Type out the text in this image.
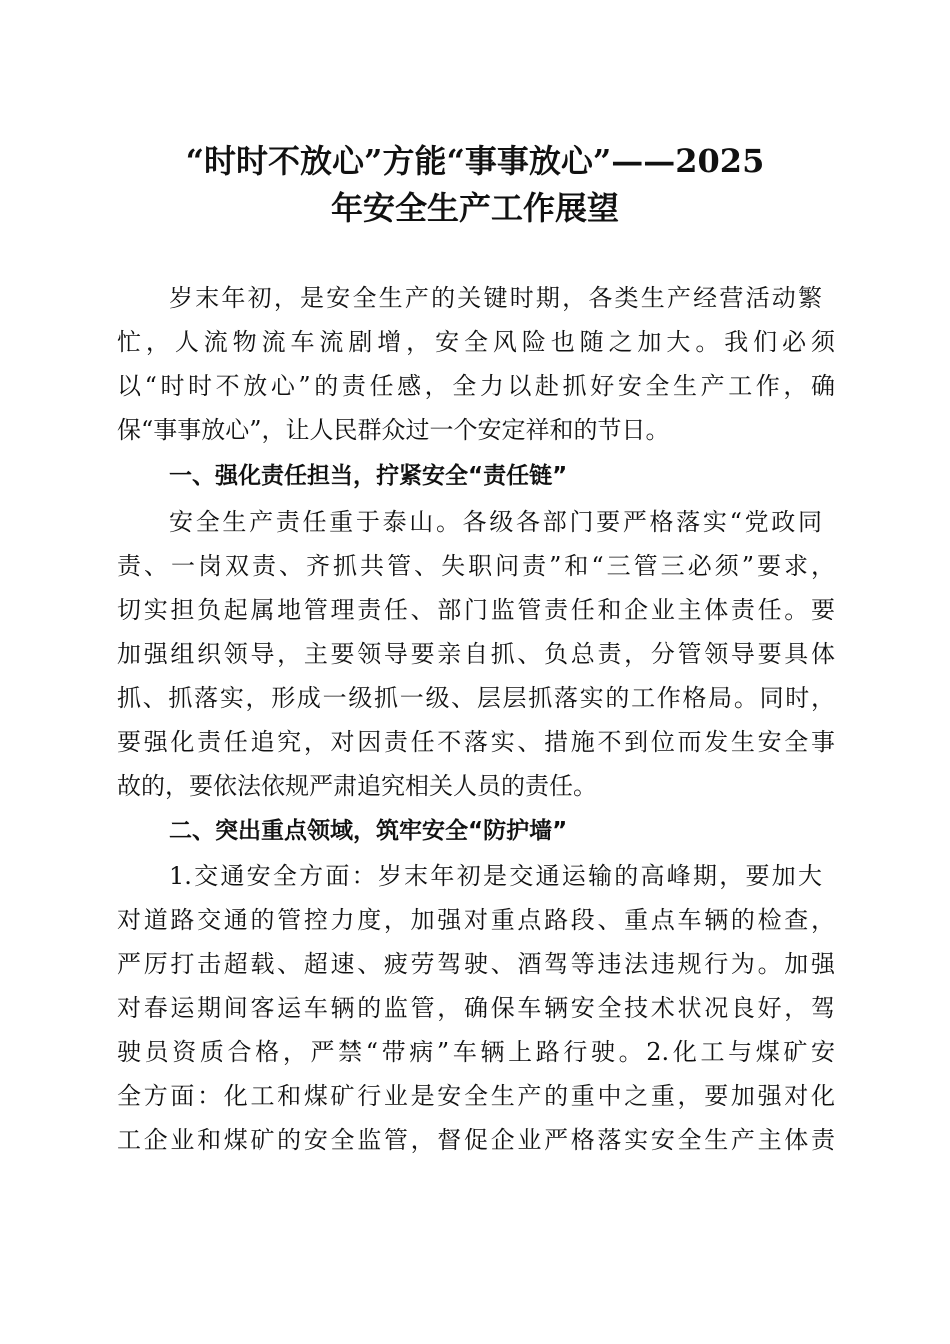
“时时不放心”方能“事事放心”——2025
年安全生产工作展望
岁末年初，是安全生产的关键时期，各类生产经营活动繁
忙，人流物流车流剧增，安全风险也随之加大。我们必须
以“时时不放心”的责任感，全力以赴抓好安全生产工作，确
保“事事放心”，让人民群众过一个安定祥和的节日。
一、强化责任担当，拧紧安全“责任链”
安全生产责任重于泰山。各级各部门要严格落实“党政同
责、一岗双责、齐抓共管、失职问责”和“三管三必须”要求，
切实担负起属地管理责任、部门监管责任和企业主体责任。要
加强组织领导，主要领导要亲自抓、负总责，分管领导要具体
抓、抓落实，形成一级抓一级、层层抓落实的工作格局。同时，
要强化责任追究，对因责任不落实、措施不到位而发生安全事
故的，要依法依规严肃追究相关人员的责任。
二、突出重点领域，筑牢安全“防护墙”
1.交通安全方面：岁末年初是交通运输的高峰期，要加大
对道路交通的管控力度，加强对重点路段、重点车辆的检查，
严厉打击超载、超速、疲劳驾驶、酒驾等违法违规行为。加强
对春运期间客运车辆的监管，确保车辆安全技术状况良好，驾
驶员资质合格，严禁“带病”车辆上路行驶。2.化工与煤矿安
全方面：化工和煤矿行业是安全生产的重中之重，要加强对化
工企业和煤矿的安全监管，督促企业严格落实安全生产主体责
